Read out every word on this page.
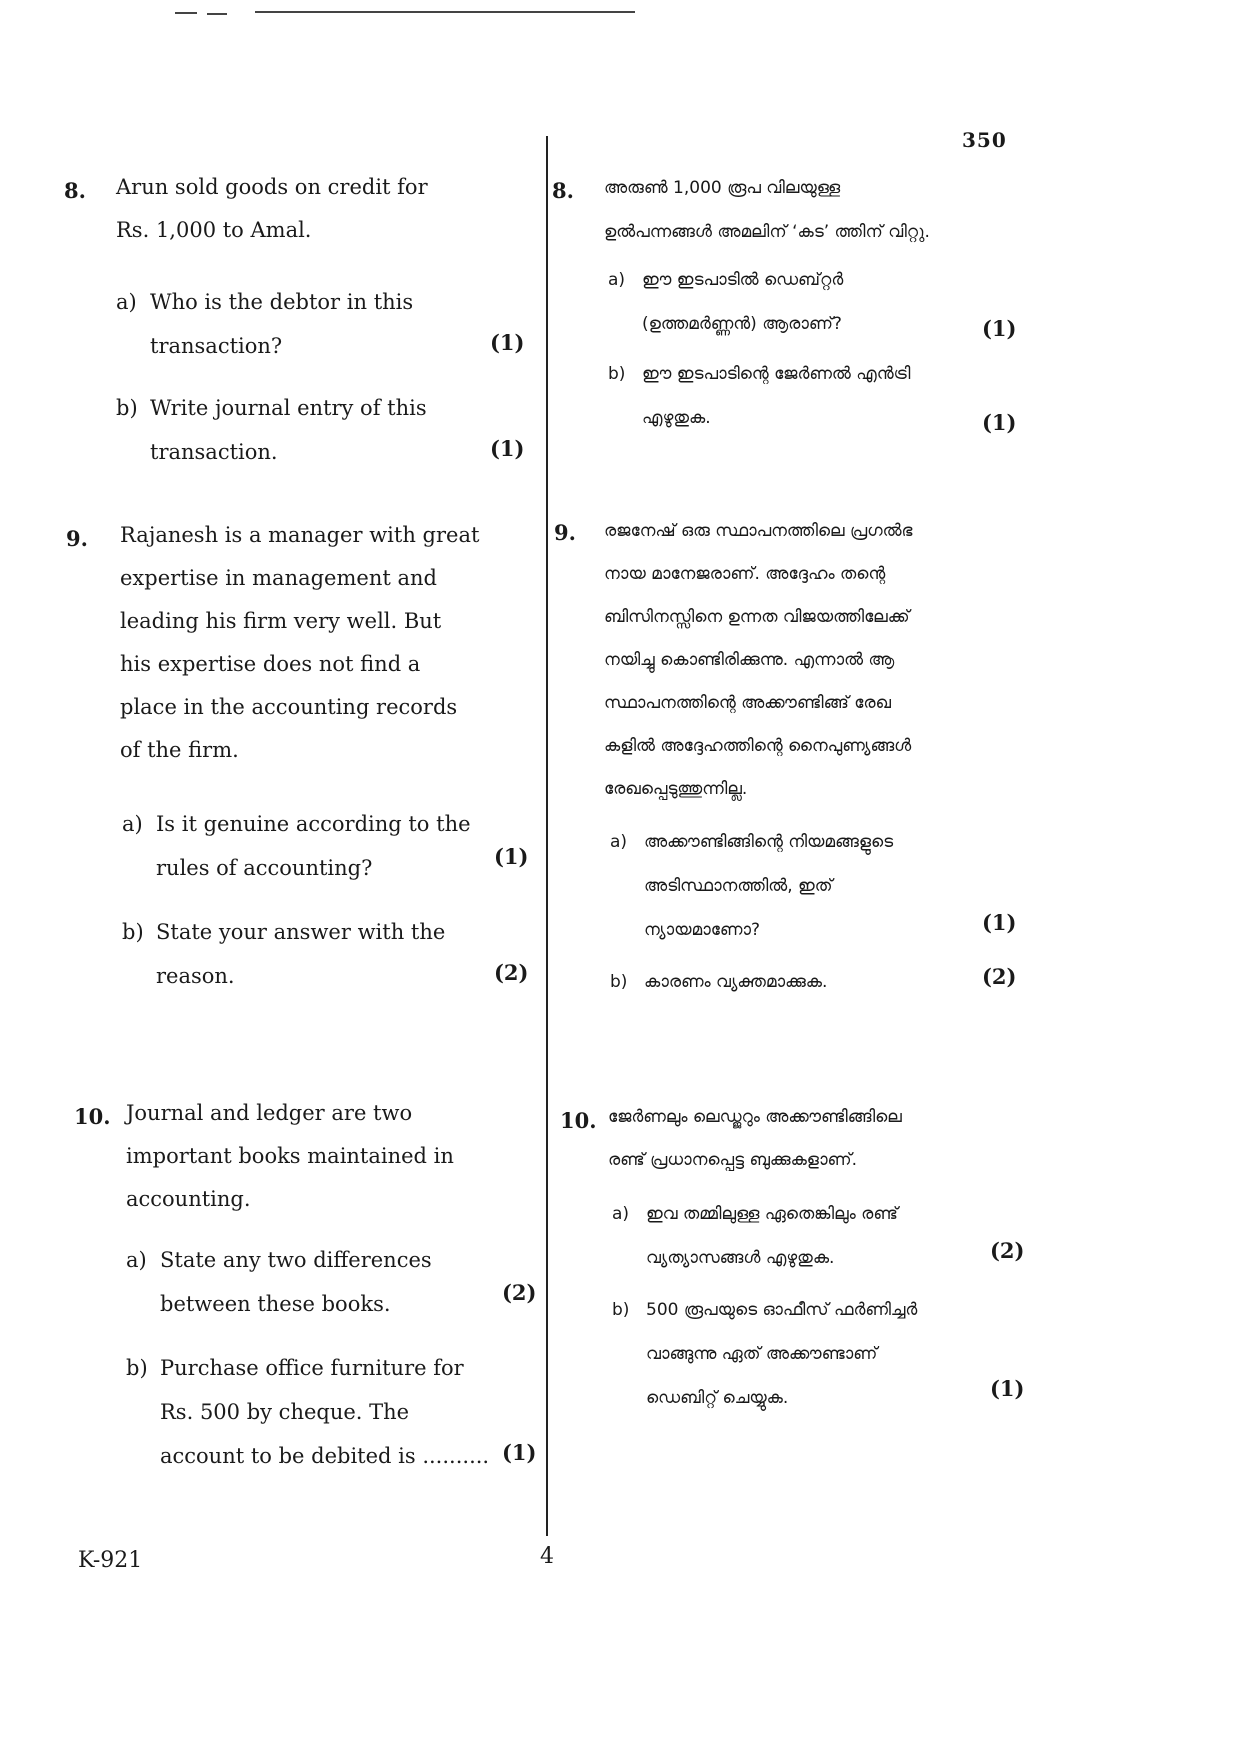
350
8. Arun sold goods on credit for
Rs. 1,000 to Amal.
a) Who is the debtor in this
transaction?	(1)
b) Write journal entry of this
transaction.	(1)
9. Rajanesh is a manager with great
expertise in management and
leading his firm very well. But
his expertise does not find a
place in the accounting records
of the firm.
a) Is it genuine according to the
rules of accounting?	(1)
b) State your answer with the
reason.	(2)
10. Journal and ledger are two
important books maintained in
accounting.
a) State any two differences
between these books.	(2)
b) Purchase office furniture for
Rs. 500 by cheque. The
account to be debited is .......... (1)
8. അരുൺ 1,000 രൂപ വിലയുള്ള
ഉൽപന്നങ്ങൾ അമലിന് ‘കട’ ത്തിന് വിറ്റു.
a) ഈ ഇടപാടിൽ ഡെബ്റ്റർ
(ഉത്തമർണ്ണൻ) ആരാണ്?	(1)
b) ഈ ഇടപാടിന്റെ ജേർണൽ എൻട്രി
എഴുതുക.	(1)
9. രജനേഷ് ഒരു സ്ഥാപനത്തിലെ പ്രഗൽഭ
നായ മാനേജരാണ്. അദ്ദേഹം തന്റെ
ബിസിനസ്സിനെ ഉന്നത വിജയത്തിലേക്ക്
നയിച്ചു കൊണ്ടിരിക്കുന്നു. എന്നാൽ ആ
സ്ഥാപനത്തിന്റെ അക്കൗണ്ടിങ്ങ് രേഖ
കളിൽ അദ്ദേഹത്തിന്റെ നൈപുണ്യങ്ങൾ
രേഖപ്പെടുത്തുന്നില്ല.
a) അക്കൗണ്ടിങ്ങിന്റെ നിയമങ്ങളുടെ
അടിസ്ഥാനത്തിൽ, ഇത്
ന്യായമാണോ?	(1)
b) കാരണം വ്യക്തമാക്കുക.	(2)
10. ജേർണലും ലെഡ്ജറും അക്കൗണ്ടിങ്ങിലെ
രണ്ട് പ്രധാനപ്പെട്ട ബുക്കുകളാണ്.
a) ഇവ തമ്മിലുള്ള ഏതെങ്കിലും രണ്ട്
വ്യത്യാസങ്ങൾ എഴുതുക.	(2)
b) 500 രൂപയുടെ ഓഫീസ് ഫർണിച്ചർ
വാങ്ങുന്നു ഏത് അക്കൗണ്ടാണ്
ഡെബിറ്റ് ചെയ്യുക.	(1)
K-921	4
